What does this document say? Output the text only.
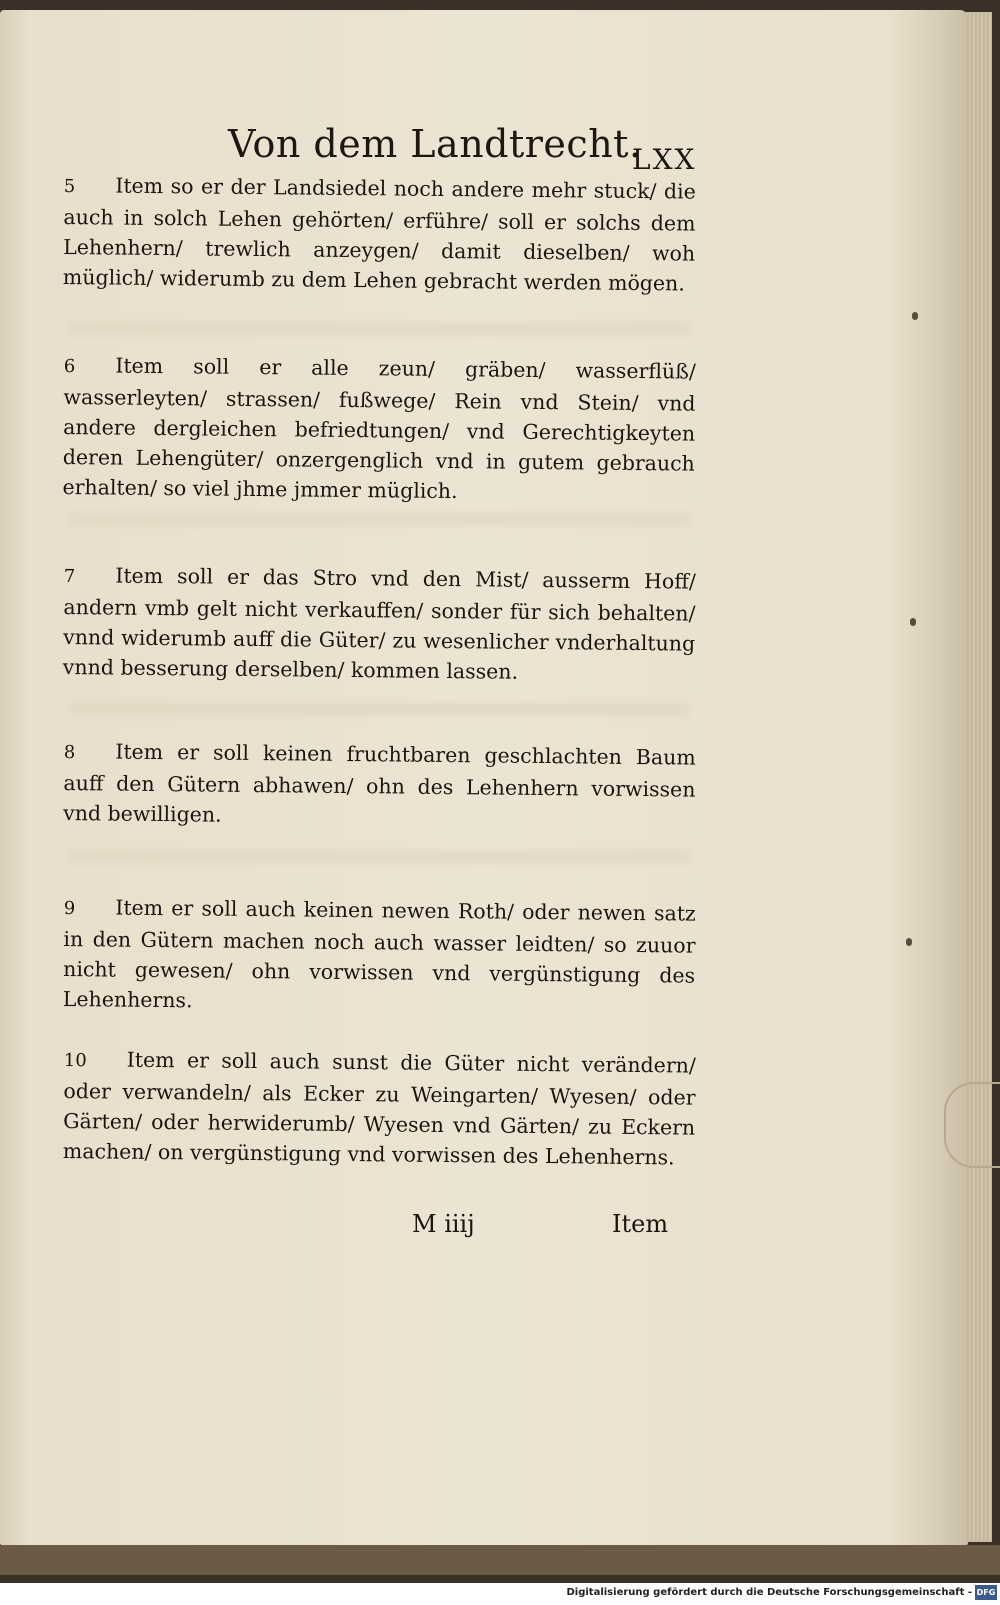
Von dem Landtrecht.
LXX
5 Item so er der Landsiedel noch andere mehr stuck/ die auch in solch Lehen gehörten/ erführe/ soll er solchs dem Lehenhern/ trewlich anzeygen/ damit dieselben/ woh müglich/ widerumb zu dem Lehen gebracht werden mögen.
6 Item soll er alle zeun/ gräben/ wasserflüß/ wasserleyten/ strassen/ fußwege/ Rein vnd Stein/ vnd andere dergleichen befriedtungen/ vnd Gerechtigkeyten deren Lehengüter/ onzergenglich vnd in gutem gebrauch erhalten/ so viel jhme jmmer müglich.
7 Item soll er das Stro vnd den Mist/ ausserm Hoff/ andern vmb gelt nicht verkauffen/ sonder für sich behalten/ vnnd widerumb auff die Güter/ zu wesenlicher vnderhaltung vnnd besserung derselben/ kommen lassen.
8 Item er soll keinen fruchtbaren geschlachten Baum auff den Gütern abhawen/ ohn des Lehenhern vorwissen vnd bewilligen.
9 Item er soll auch keinen newen Roth/ oder newen satz in den Gütern machen noch auch wasser leidten/ so zuuor nicht gewesen/ ohn vorwissen vnd vergünstigung des Lehenherns.
10 Item er soll auch sunst die Güter nicht verändern/ oder verwandeln/ als Ecker zu Weingarten/ Wyesen/ oder Gärten/ oder herwiderumb/ Wyesen vnd Gärten/ zu Eckern machen/ on vergünstigung vnd vorwissen des Lehenherns.
M iiij	Item
Digitalisierung gefördert durch die Deutsche Forschungsgemeinschaft - DFG
